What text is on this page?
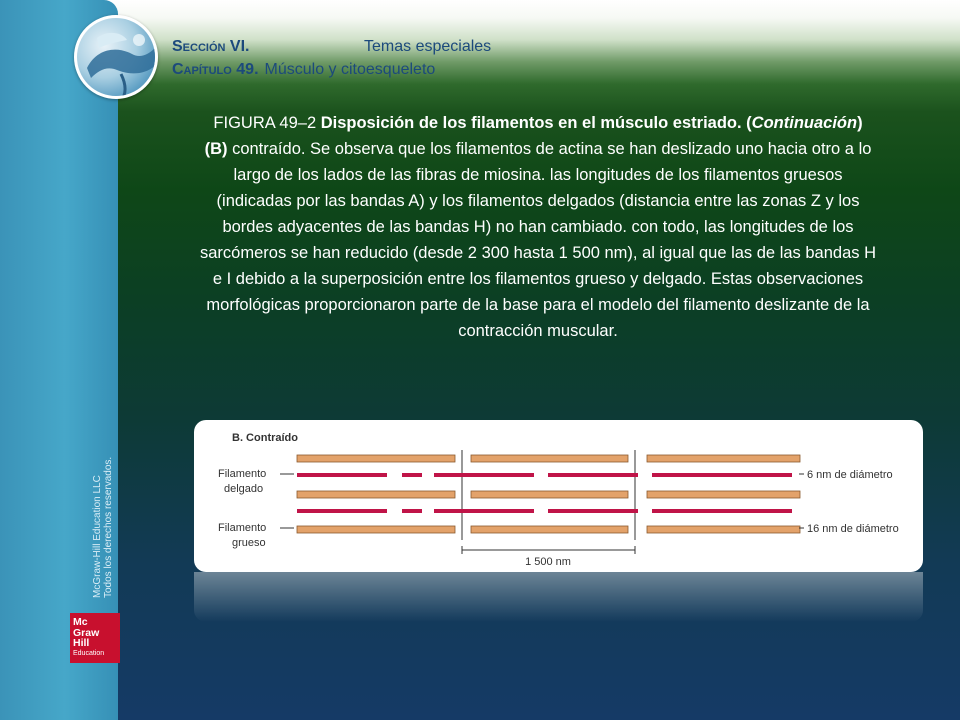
Sección VI.	Temas especiales
Capítulo 49. Músculo y citoesqueleto
FIGURA 49–2 Disposición de los filamentos en el músculo estriado. (Continuación) (B) contraído. Se observa que los filamentos de actina se han deslizado uno hacia otro a lo largo de los lados de las fibras de miosina. las longitudes de los filamentos gruesos (indicadas por las bandas A) y los filamentos delgados (distancia entre las zonas Z y los bordes adyacentes de las bandas H) no han cambiado. con todo, las longitudes de los sarcómeros se han reducido (desde 2 300 hasta 1 500 nm), al igual que las de las bandas H e I debido a la superposición entre los filamentos grueso y delgado. Estas observaciones morfológicas proporcionaron parte de la base para el modelo del filamento deslizante de la contracción muscular.
B. Contraído
Filamento
delgado
Filamento
grueso
6 nm de diámetro
16 nm de diámetro
1 500 nm
McGraw-Hill Education LLC Todos los derechos reservados.
Mc
Graw
Hill
Education
